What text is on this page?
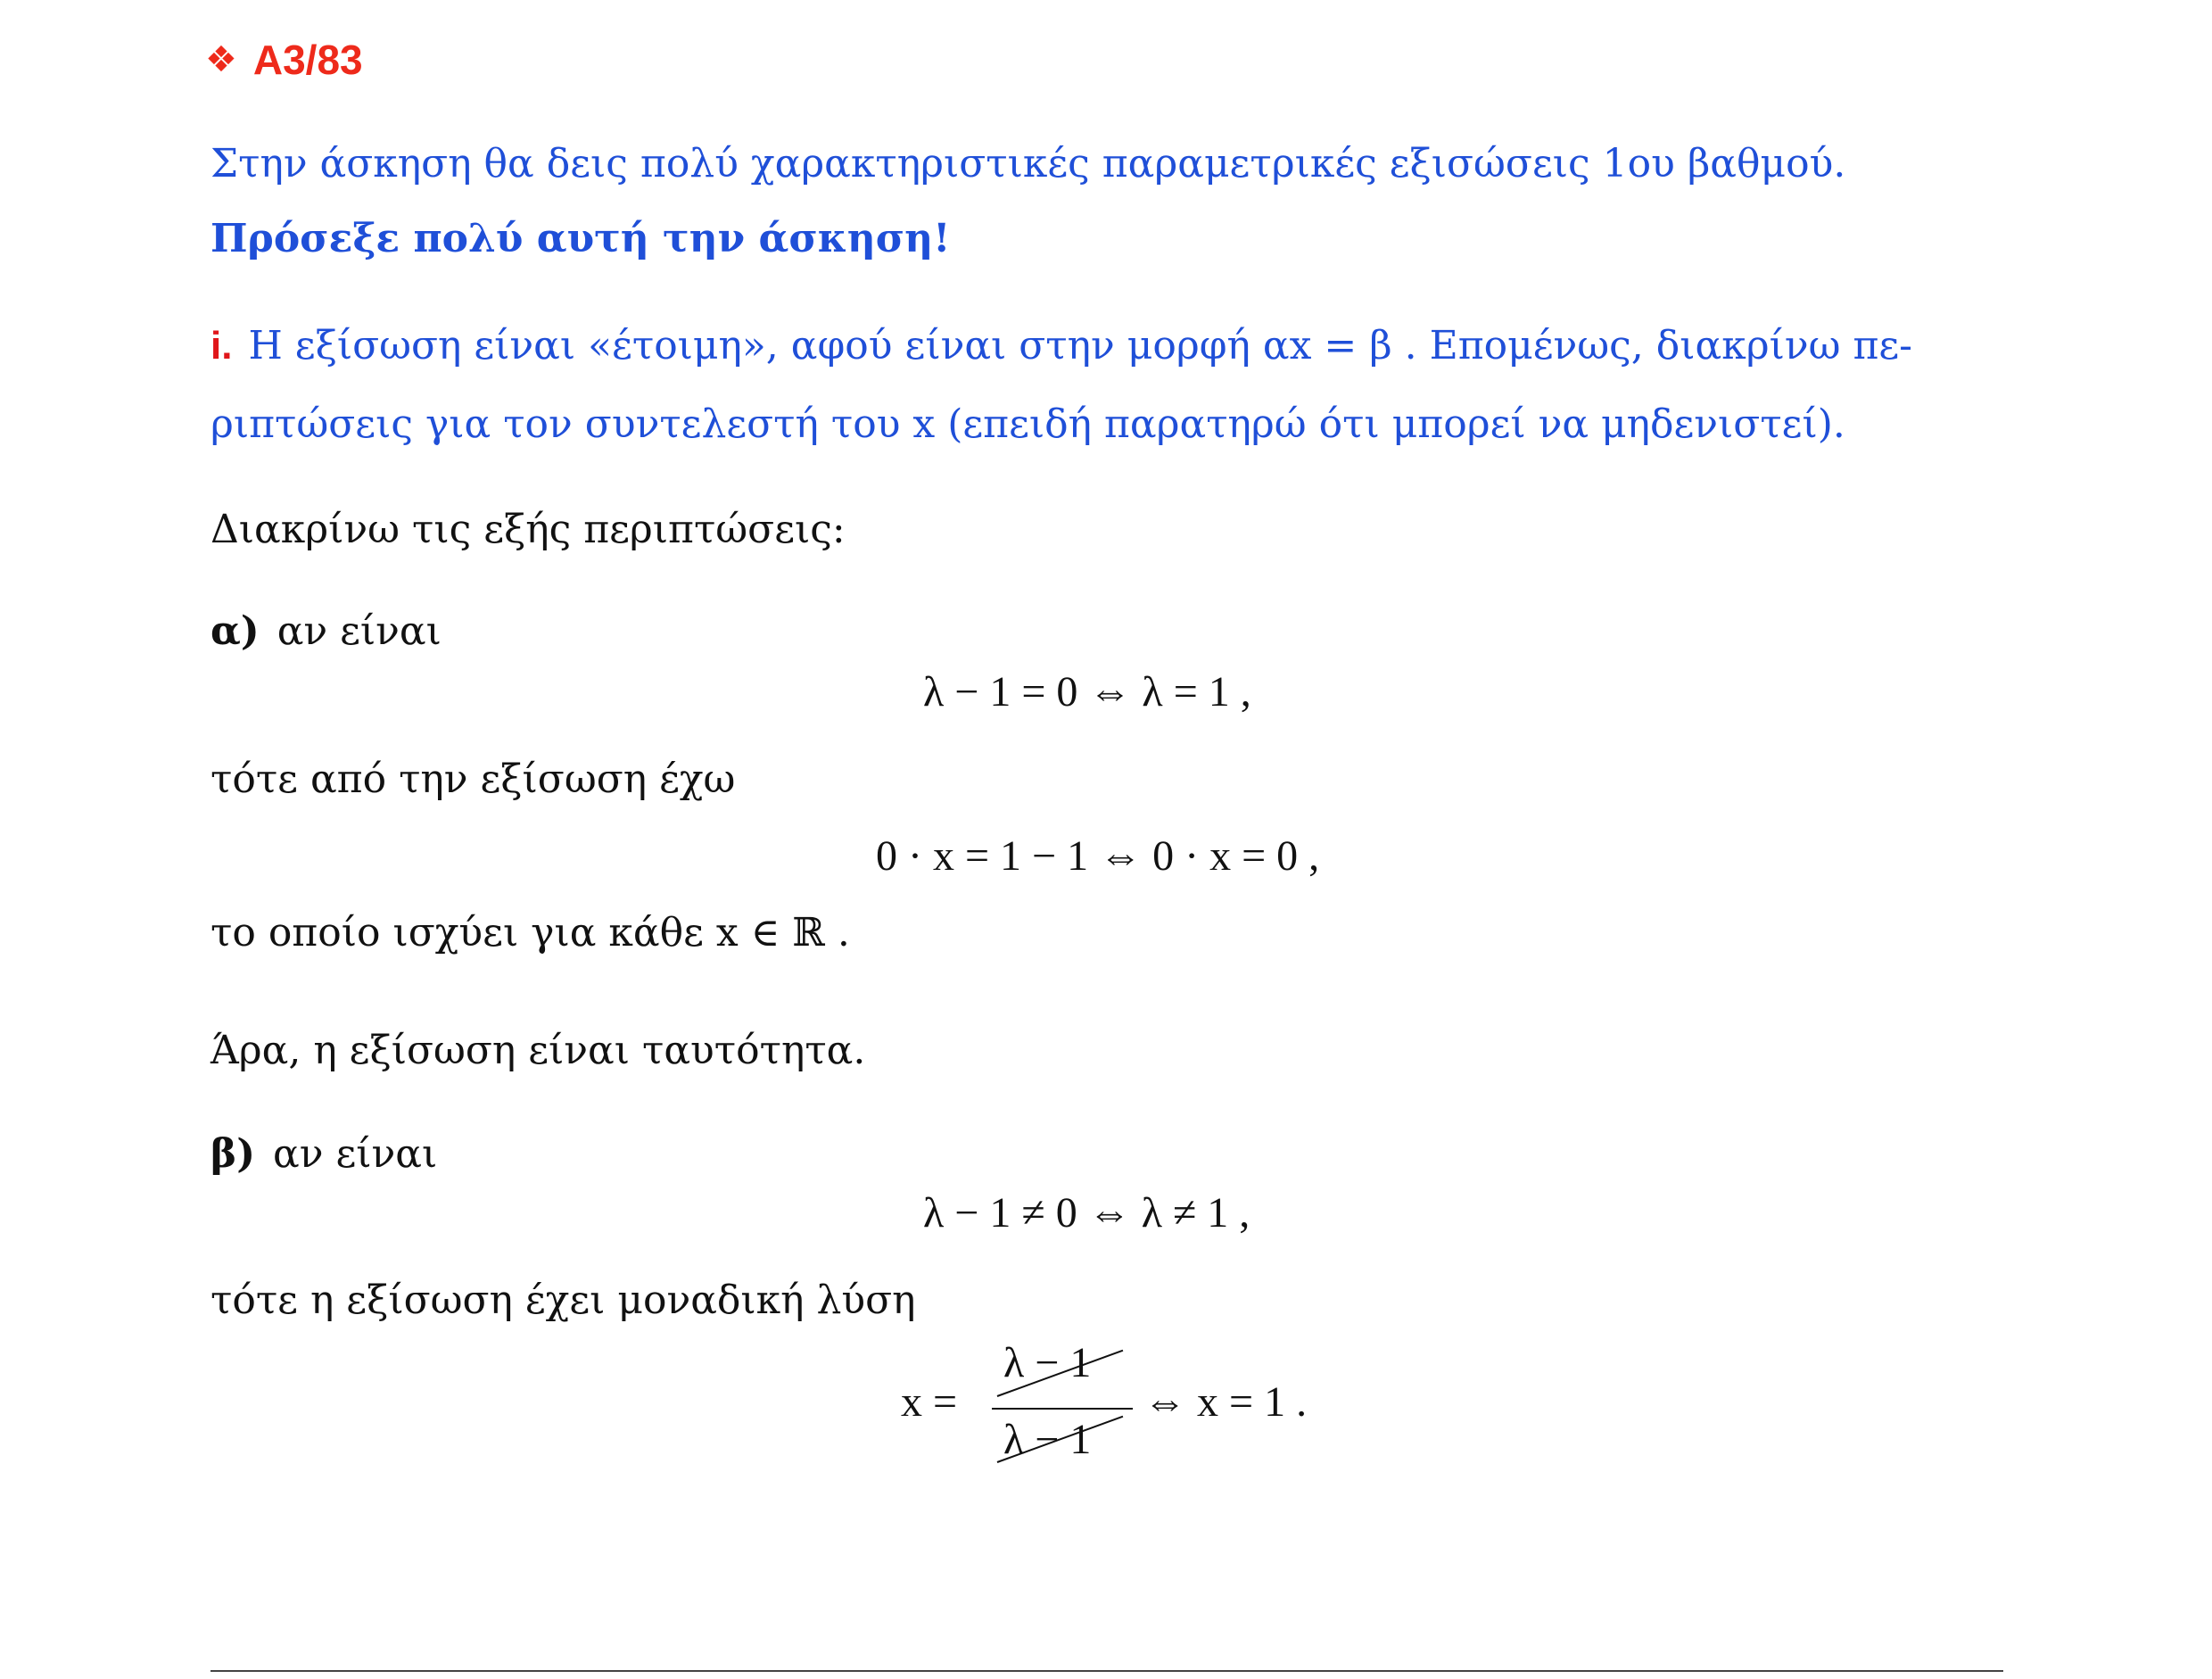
❖ A3/83
Στην άσκηση θα δεις πολύ χαρακτηριστικές παραμετρικές εξισώσεις 1ου βαθμού.
Πρόσεξε πολύ αυτή την άσκηση!
i. Η εξίσωση είναι «έτοιμη», αφού είναι στην μορφή αx = β . Επομένως, διακρίνω πε-
ριπτώσεις για τον συντελεστή του x (επειδή παρατηρώ ότι μπορεί να μηδενιστεί).
Διακρίνω τις εξής περιπτώσεις:
α) αν είναι
λ − 1 = 0 ⇔ λ = 1 ,
τότε από την εξίσωση έχω
0 · x = 1 − 1 ⇔ 0 · x = 0 ,
το οποίο ισχύει για κάθε x ∈ ℝ .
Άρα, η εξίσωση είναι ταυτότητα.
β) αν είναι
λ − 1 ≠ 0 ⇔ λ ≠ 1 ,
τότε η εξίσωση έχει μοναδική λύση
x =
λ − 1
λ − 1
⇔ x = 1 .
